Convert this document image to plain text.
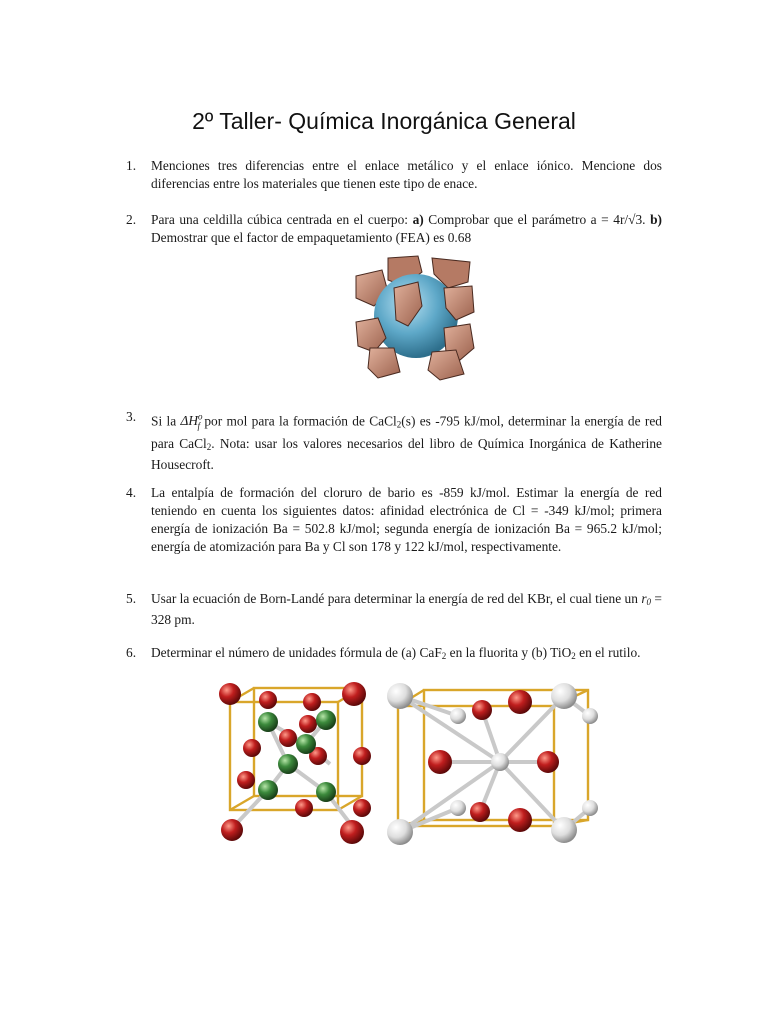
2º Taller- Química Inorgánica General
1. Menciones tres diferencias entre el enlace metálico y el enlace iónico. Mencione dos diferencias entre los materiales que tienen este tipo de enace.

2. Para una celdilla cúbica centrada en el cuerpo: a) Comprobar que el parámetro a = 4r/√3. b) Demostrar que el factor de empaquetamiento (FEA) es 0.68

3. Si la $\Delta H^o_f$ por mol para la formación de CaCl$_2$(s) es -795 kJ/mol, determinar la energía de red para CaCl$_2$. Nota: usar los valores necesarios del libro de Química Inorgánica de Katherine Housecroft.

4. La entalpía de formación del cloruro de bario es -859 kJ/mol. Estimar la energía de red teniendo en cuenta los siguientes datos: afinidad electrónica de Cl = -349 kJ/mol; primera energía de ionización Ba = 502.8 kJ/mol; segunda energía de ionización Ba = 965.2 kJ/mol; energía de atomización para Ba y Cl son 178 y 122 kJ/mol, respectivamente.

5. Usar la ecuación de Born-Landé para determinar la energía de red del KBr, el cual tiene un $r_0 = 328$ pm.

6. Determinar el número de unidades fórmula de (a) CaF$_2$ en la fluorita y (b) TiO$_2$ en el rutilo.
